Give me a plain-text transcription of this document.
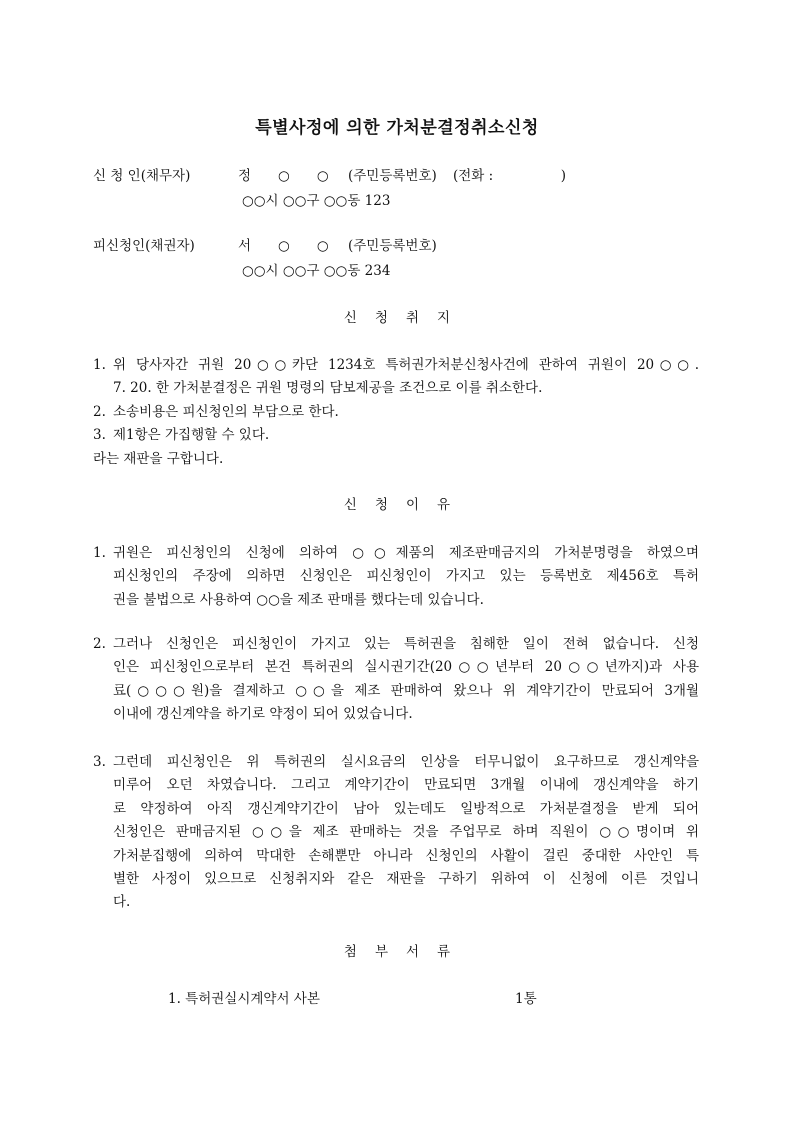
특별사정에 의한 가처분결정취소신청
신 청 인(채무자)	정　　○　　○ (주민등록번호) (전화 :　　　　　)
○○시 ○○구 ○○동 123
피신청인(채권자)	서　　○　　○ (주민등록번호)
○○시 ○○구 ○○동 234
신 청 취 지
1. 위 당사자간 귀원 20○○카단 1234호 특허권가처분신청사건에 관하여 귀원이 20○○.
7. 20. 한 가처분결정은 귀원 명령의 담보제공을 조건으로 이를 취소한다.
2. 소송비용은 피신청인의 부담으로 한다.
3. 제1항은 가집행할 수 있다.
라는 재판을 구합니다.
신 청 이 유
1. 귀원은 피신청인의 신청에 의하여 ○○제품의 제조판매금지의 가처분명령을 하였으며
피신청인의 주장에 의하면 신청인은 피신청인이 가지고 있는 등록번호 제456호 특허
권을 불법으로 사용하여 ○○을 제조 판매를 했다는데 있습니다.
2. 그러나 신청인은 피신청인이 가지고 있는 특허권을 침해한 일이 전혀 없습니다. 신청
인은 피신청인으로부터 본건 특허권의 실시권기간(20○○년부터 20○○년까지)과 사용
료(○○○원)을 결제하고 ○○을 제조 판매하여 왔으나 위 계약기간이 만료되어 3개월
이내에 갱신계약을 하기로 약정이 되어 있었습니다.
3. 그런데 피신청인은 위 특허권의 실시요금의 인상을 터무니없이 요구하므로 갱신계약을
미루어 오던 차였습니다. 그리고 계약기간이 만료되면 3개월 이내에 갱신계약을 하기
로 약정하여 아직 갱신계약기간이 남아 있는데도 일방적으로 가처분결정을 받게 되어
신청인은 판매금지된 ○○을 제조 판매하는 것을 주업무로 하며 직원이 ○○명이며 위
가처분집행에 의하여 막대한 손해뿐만 아니라 신청인의 사활이 걸린 중대한 사안인 특
별한 사정이 있으므로 신청취지와 같은 재판을 구하기 위하여 이 신청에 이른 것입니
다.
첨 부 서 류
1. 특허권실시계약서 사본	1통
